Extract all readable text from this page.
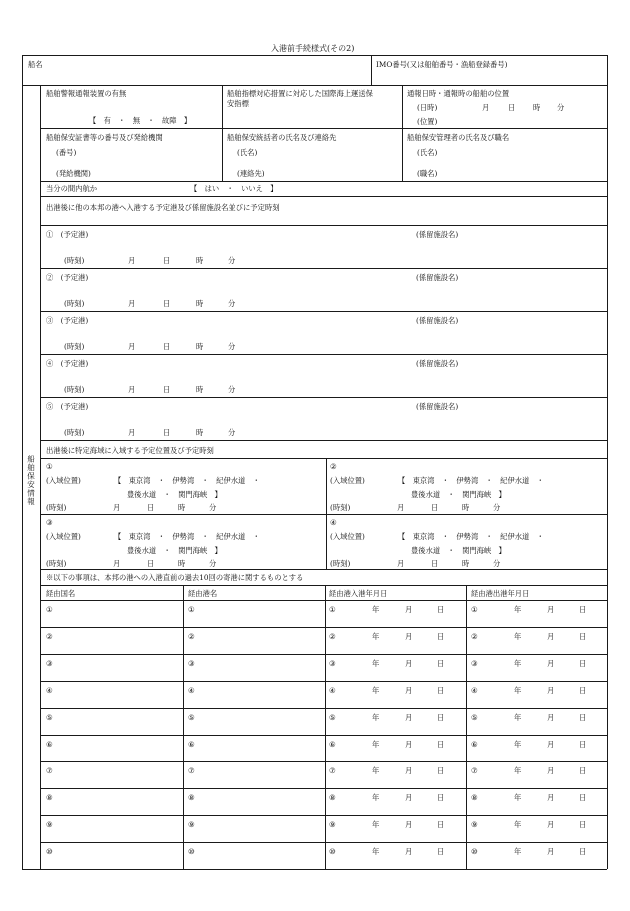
入港前手続様式(その2)
船名	IMO番号(又は船舶番号・漁船登録番号)
船舶保安情報
船舶警報通報装置の有無
【　有　・　無　・　故障　】
船舶指標対応措置に対応した国際海上運送保
安指標
通報日時・通報時の船舶の位置
(日時)	月	日 時 分
(位置)
船舶保安証書等の番号及び発給機関
(番号)
(発給機関)
船舶保安統括者の氏名及び連絡先
(氏名)
(連絡先)
船舶保安管理者の氏名及び職名
(氏名)
(職名)
当分の間内航か	【　はい　・　いいえ　】
出港後に他の本邦の港へ入港する予定港及び係留施設名並びに予定時刻
①　(予定港)	(係留施設名)
(時刻)	月	日	時	分
②　(予定港)	(係留施設名)
(時刻)	月	日	時	分
③　(予定港)	(係留施設名)
(時刻)	月	日	時	分
④　(予定港)	(係留施設名)
(時刻)	月	日	時	分
⑤　(予定港)	(係留施設名)
(時刻)	月	日	時	分
出港後に特定海域に入域する予定位置及び予定時刻
①
(入域位置)	【　東京湾　・　伊勢湾　・　紀伊水道　・
豊後水道　・　関門海峡　】
(時刻)	月	日	時	分
②
(入域位置)	【　東京湾　・　伊勢湾　・　紀伊水道　・
豊後水道　・　関門海峡　】
(時刻)	月	日	時	分
③
(入域位置)	【　東京湾　・　伊勢湾　・　紀伊水道　・
豊後水道　・　関門海峡　】
(時刻)	月	日	時	分
④
(入域位置)	【　東京湾　・　伊勢湾　・　紀伊水道　・
豊後水道　・　関門海峡　】
(時刻)	月	日	時	分
※以下の事項は、本邦の港への入港直前の過去10回の寄港に関するものとする
経由国名	経由港名	経由港入港年月日	経由港出港年月日
①	①	①	年	月	日	①	年	月	日
②	②	②	年	月	日	②	年	月	日
③	③	③	年	月	日	③	年	月	日
④	④	④	年	月	日	④	年	月	日
⑤	⑤	⑤	年	月	日	⑤	年	月	日
⑥	⑥	⑥	年	月	日	⑥	年	月	日
⑦	⑦	⑦	年	月	日	⑦	年	月	日
⑧	⑧	⑧	年	月	日	⑧	年	月	日
⑨	⑨	⑨	年	月	日	⑨	年	月	日
⑩	⑩	⑩	年	月	日	⑩	年	月	日
